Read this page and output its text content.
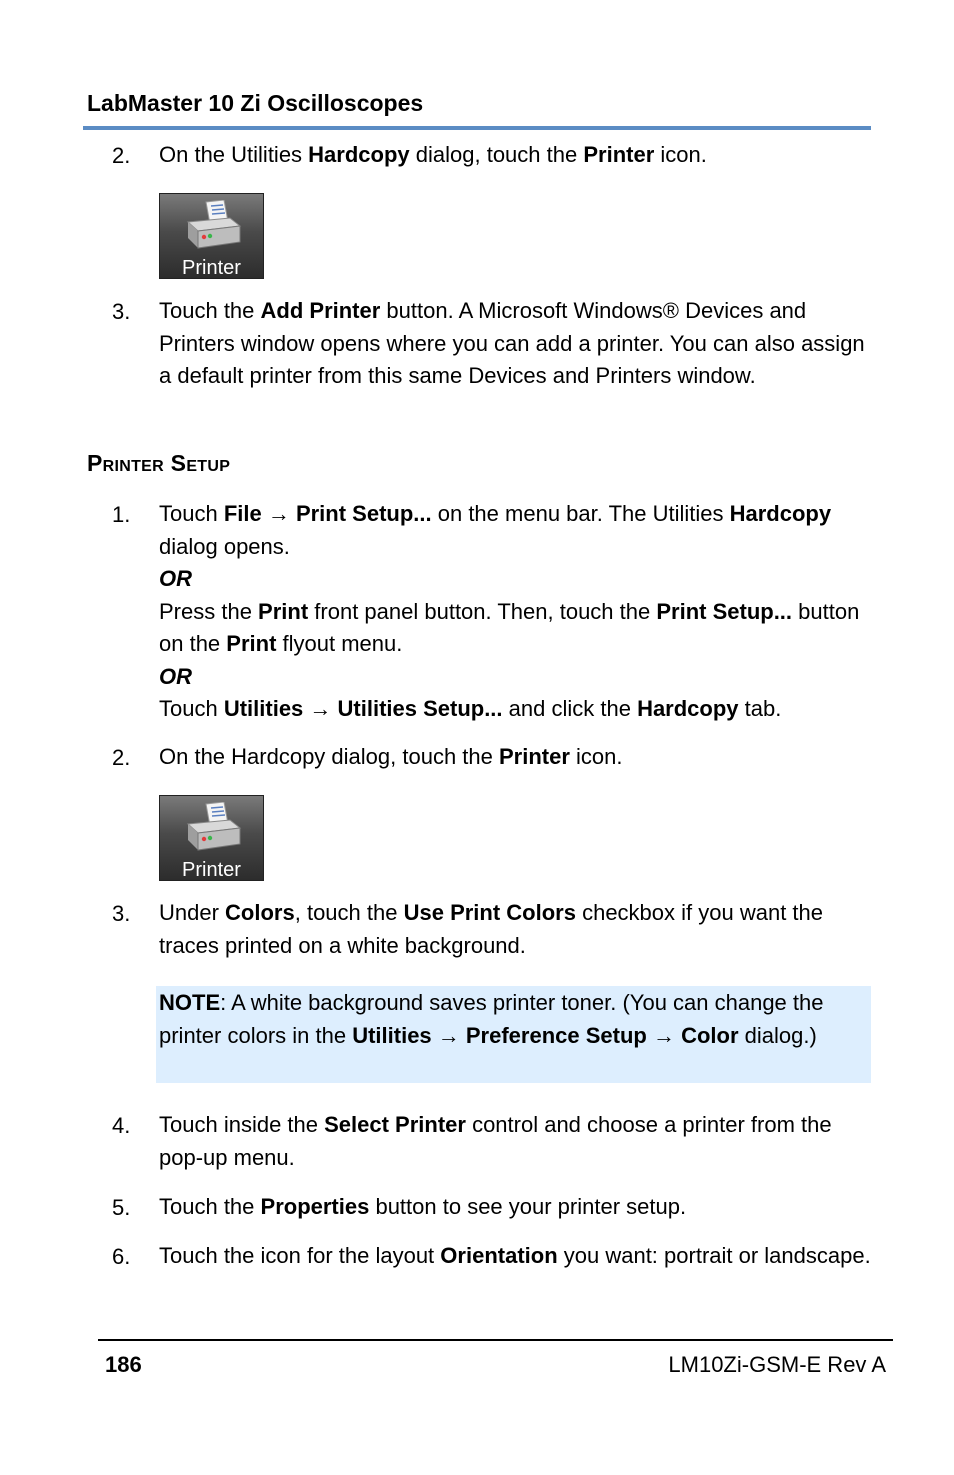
LabMaster 10 Zi Oscilloscopes
2. On the Utilities Hardcopy dialog, touch the Printer icon.
Printer
3. Touch the Add Printer button. A Microsoft Windows® Devices and Printers window opens where you can add a printer. You can also assign a default printer from this same Devices and Printers window.
Printer Setup
1. Touch File → Print Setup... on the menu bar. The Utilities Hardcopy dialog opens.
OR
Press the Print front panel button. Then, touch the Print Setup... button on the Print flyout menu.
OR
Touch Utilities → Utilities Setup... and click the Hardcopy tab.
2. On the Hardcopy dialog, touch the Printer icon.
Printer
3. Under Colors, touch the Use Print Colors checkbox if you want the traces printed on a white background.
NOTE: A white background saves printer toner. (You can change the printer colors in the Utilities → Preference Setup → Color dialog.)
4. Touch inside the Select Printer control and choose a printer from the pop-up menu.
5. Touch the Properties button to see your printer setup.
6. Touch the icon for the layout Orientation you want: portrait or landscape.
186	LM10Zi-GSM-E Rev A
